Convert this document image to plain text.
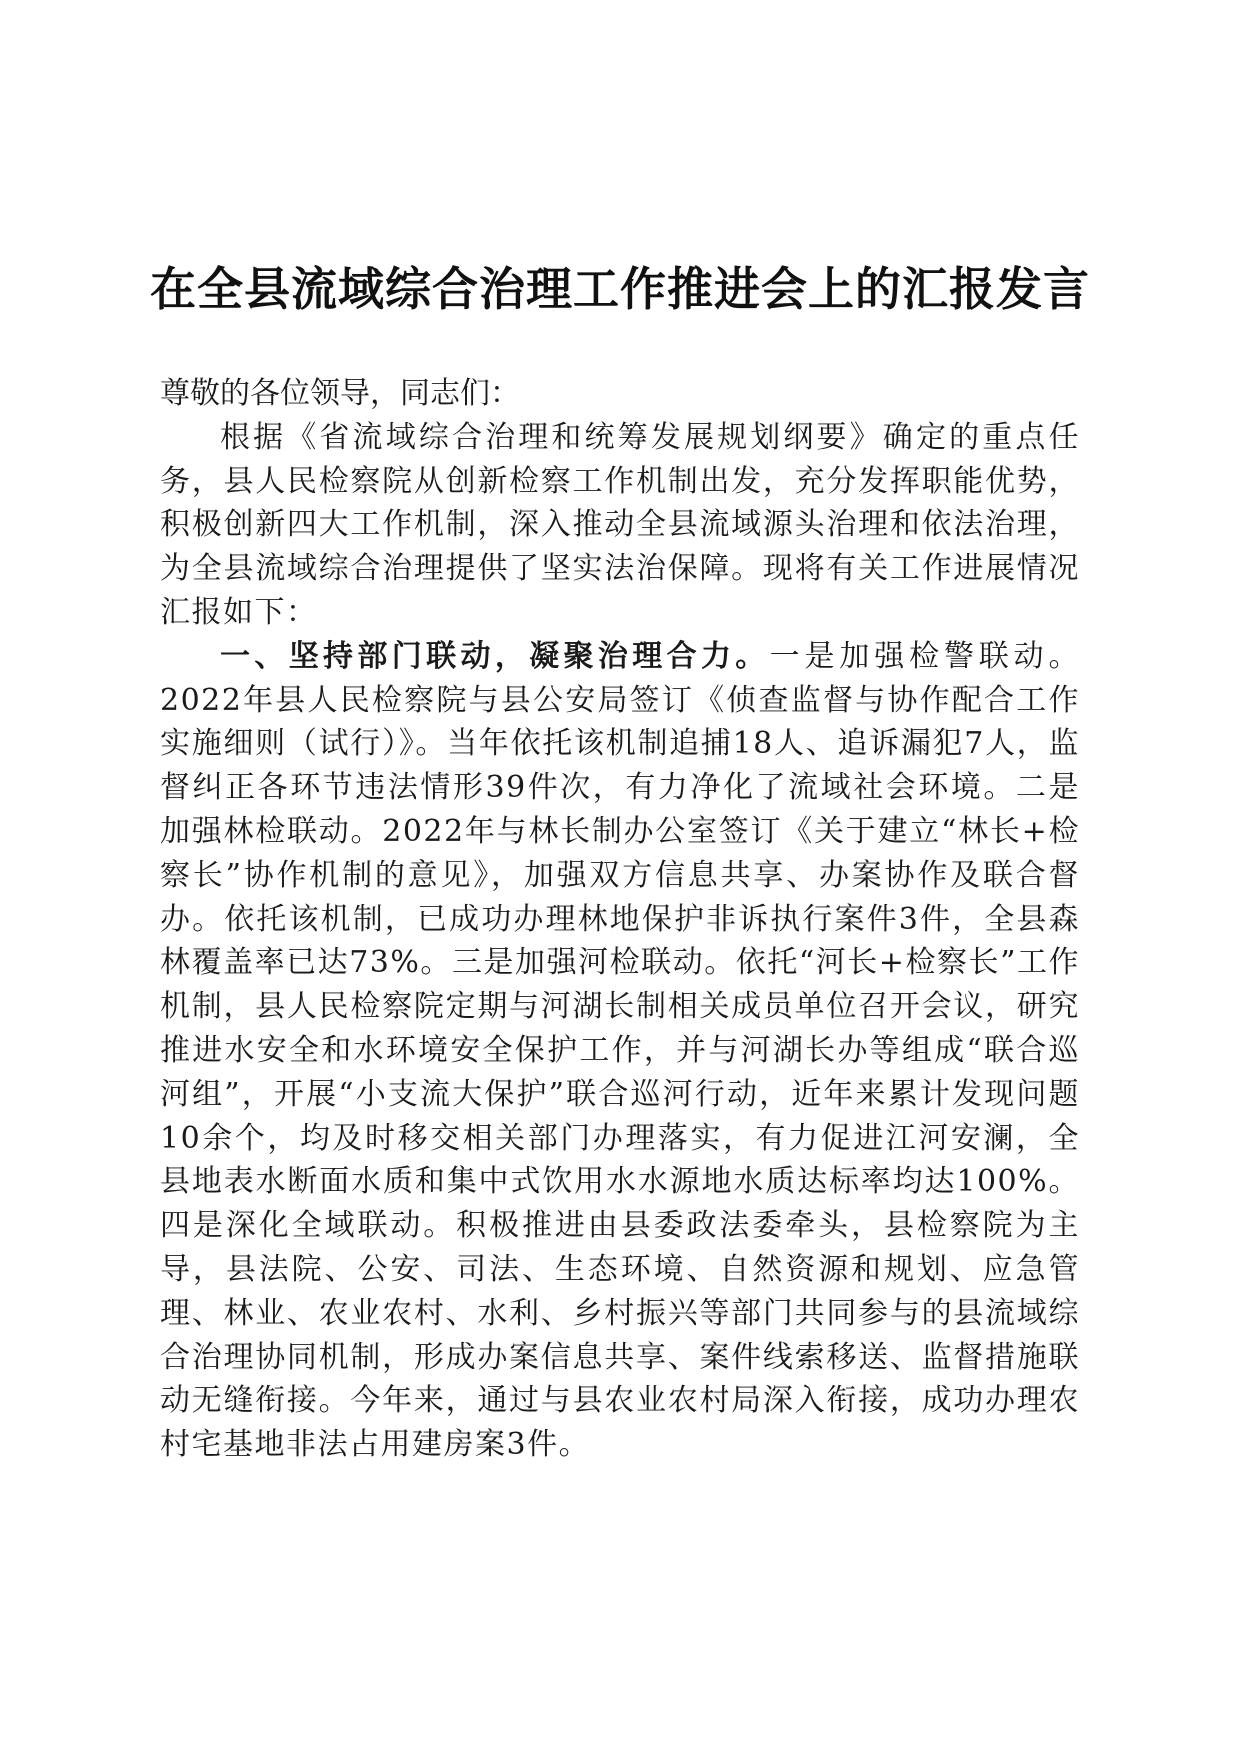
在全县流域综合治理工作推进会上的汇报发言

尊敬的各位领导，同志们：

根据《省流域综合治理和统筹发展规划纲要》确定的重点任务，县人民检察院从创新检察工作机制出发，充分发挥职能优势，积极创新四大工作机制，深入推动全县流域源头治理和依法治理，为全县流域综合治理提供了坚实法治保障。现将有关工作进展情况汇报如下：

一、坚持部门联动，凝聚治理合力。一是加强检警联动。2022年县人民检察院与县公安局签订《侦查监督与协作配合工作实施细则（试行）》。当年依托该机制追捕18人、追诉漏犯7人，监督纠正各环节违法情形39件次，有力净化了流域社会环境。二是加强林检联动。2022年与林长制办公室签订《关于建立“林长+检察长”协作机制的意见》，加强双方信息共享、办案协作及联合督办。依托该机制，已成功办理林地保护非诉执行案件3件，全县森林覆盖率已达73%。三是加强河检联动。依托“河长+检察长”工作机制，县人民检察院定期与河湖长制相关成员单位召开会议，研究推进水安全和水环境安全保护工作，并与河湖长办等组成“联合巡河组”，开展“小支流大保护”联合巡河行动，近年来累计发现问题10余个，均及时移交相关部门办理落实，有力促进江河安澜，全县地表水断面水质和集中式饮用水水源地水质达标率均达100%。四是深化全域联动。积极推进由县委政法委牵头，县检察院为主导，县法院、公安、司法、生态环境、自然资源和规划、应急管理、林业、农业农村、水利、乡村振兴等部门共同参与的县流域综合治理协同机制，形成办案信息共享、案件线索移送、监督措施联动无缝衔接。今年来，通过与县农业农村局深入衔接，成功办理农村宅基地非法占用建房案3件。
